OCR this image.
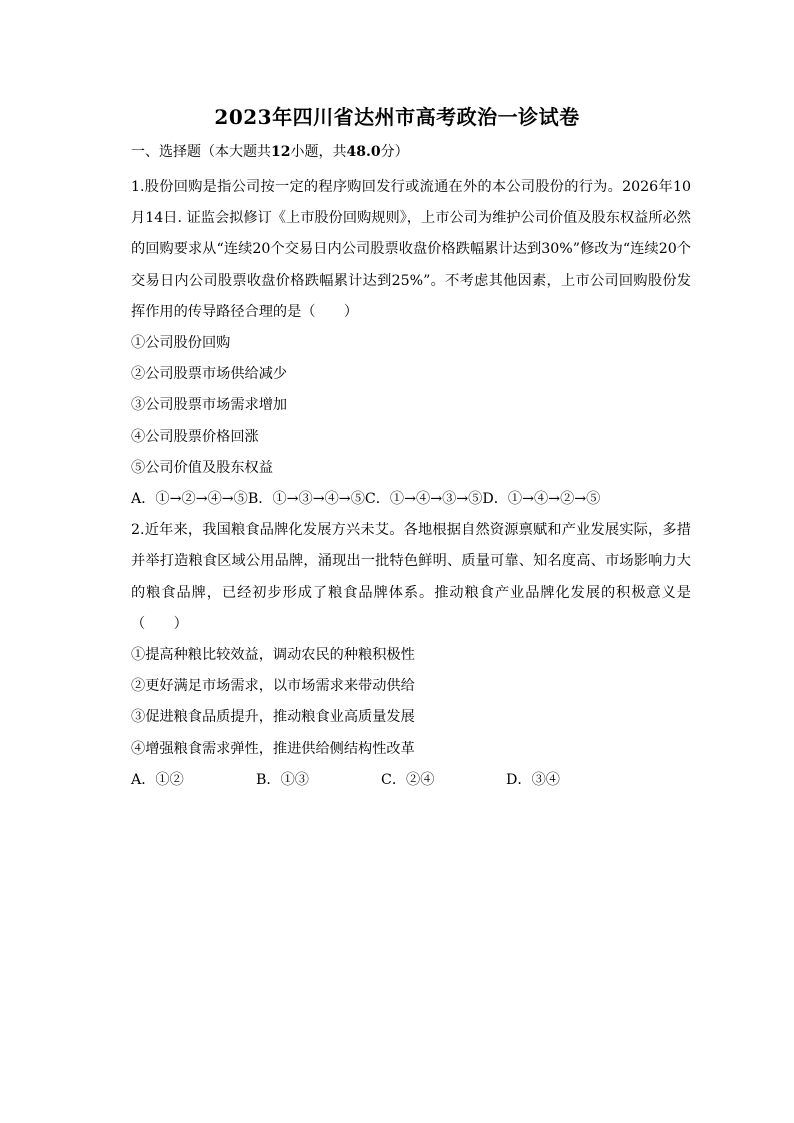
2023年四川省达州市高考政治一诊试卷
一、选择题（本大题共12小题，共48.0分）

1.股份回购是指公司按一定的程序购回发行或流通在外的本公司股份的行为。2026年10月14日. 证监会拟修订《上市股份回购规则》，上市公司为维护公司价值及股东权益所必然的回购要求从“连续20个交易日内公司股票收盘价格跌幅累计达到30%”修改为“连续20个交易日内公司股票收盘价格跌幅累计达到25%”。不考虑其他因素，上市公司回购股份发挥作用的传导路径合理的是（　　）

①公司股份回购

②公司股票市场供给减少

③公司股票市场需求增加

④公司股票价格回涨

⑤公司价值及股东权益

A．①→②→④→⑤B．①→③→④→⑤C．①→④→③→⑤D．①→④→②→⑤

2.近年来，我国粮食品牌化发展方兴未艾。各地根据自然资源禀赋和产业发展实际，多措并举打造粮食区域公用品牌，涌现出一批特色鲜明、质量可靠、知名度高、市场影响力大的粮食品牌，已经初步形成了粮食品牌体系。推动粮食产业品牌化发展的积极意义是（　　）

①提高种粮比较效益，调动农民的种粮积极性

②更好满足市场需求，以市场需求来带动供给

③促进粮食品质提升，推动粮食业高质量发展

④增强粮食需求弹性，推进供给侧结构性改革

A．①②	B．①③	C．②④	D．③④
